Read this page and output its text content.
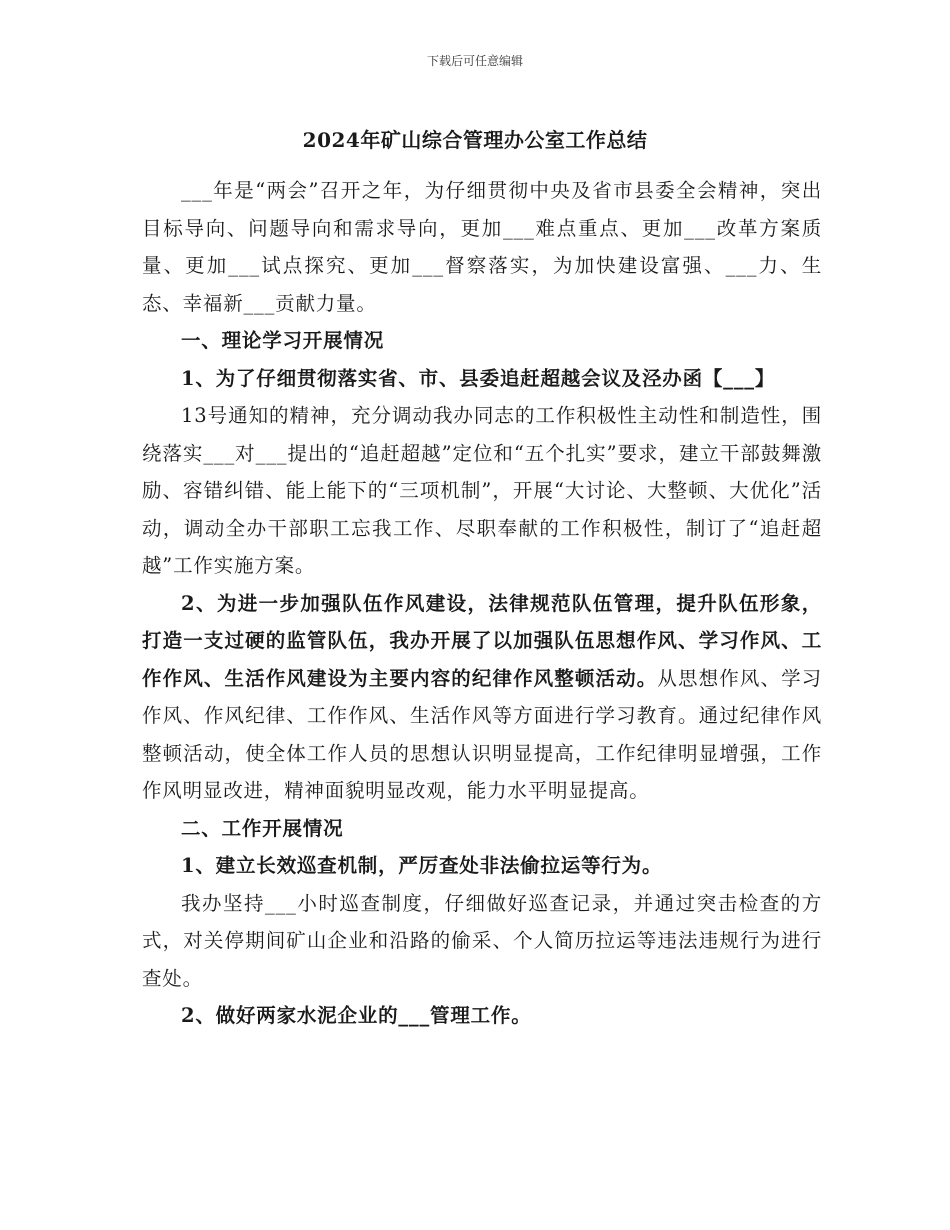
下载后可任意编辑
2024年矿山综合管理办公室工作总结

___年是“两会”召开之年，为仔细贯彻中央及省市县委全会精神，突出目标导向、问题导向和需求导向，更加___难点重点、更加___改革方案质量、更加___试点探究、更加___督察落实，为加快建设富强、___力、生态、幸福新___贡献力量。

一、理论学习开展情况

1、为了仔细贯彻落实省、市、县委追赶超越会议及泾办函【___】

13号通知的精神，充分调动我办同志的工作积极性主动性和制造性，围绕落实___对___提出的“追赶超越”定位和“五个扎实”要求，建立干部鼓舞激励、容错纠错、能上能下的“三项机制”，开展“大讨论、大整顿、大优化”活动，调动全办干部职工忘我工作、尽职奉献的工作积极性，制订了“追赶超越”工作实施方案。

2、为进一步加强队伍作风建设，法律规范队伍管理，提升队伍形象，打造一支过硬的监管队伍，我办开展了以加强队伍思想作风、学习作风、工作作风、生活作风建设为主要内容的纪律作风整顿活动。从思想作风、学习作风、作风纪律、工作作风、生活作风等方面进行学习教育。通过纪律作风整顿活动，使全体工作人员的思想认识明显提高，工作纪律明显增强，工作作风明显改进，精神面貌明显改观，能力水平明显提高。

二、工作开展情况

1、建立长效巡查机制，严厉查处非法偷拉运等行为。

我办坚持___小时巡查制度，仔细做好巡查记录，并通过突击检查的方式，对关停期间矿山企业和沿路的偷采、个人简历拉运等违法违规行为进行查处。

2、做好两家水泥企业的___管理工作。
